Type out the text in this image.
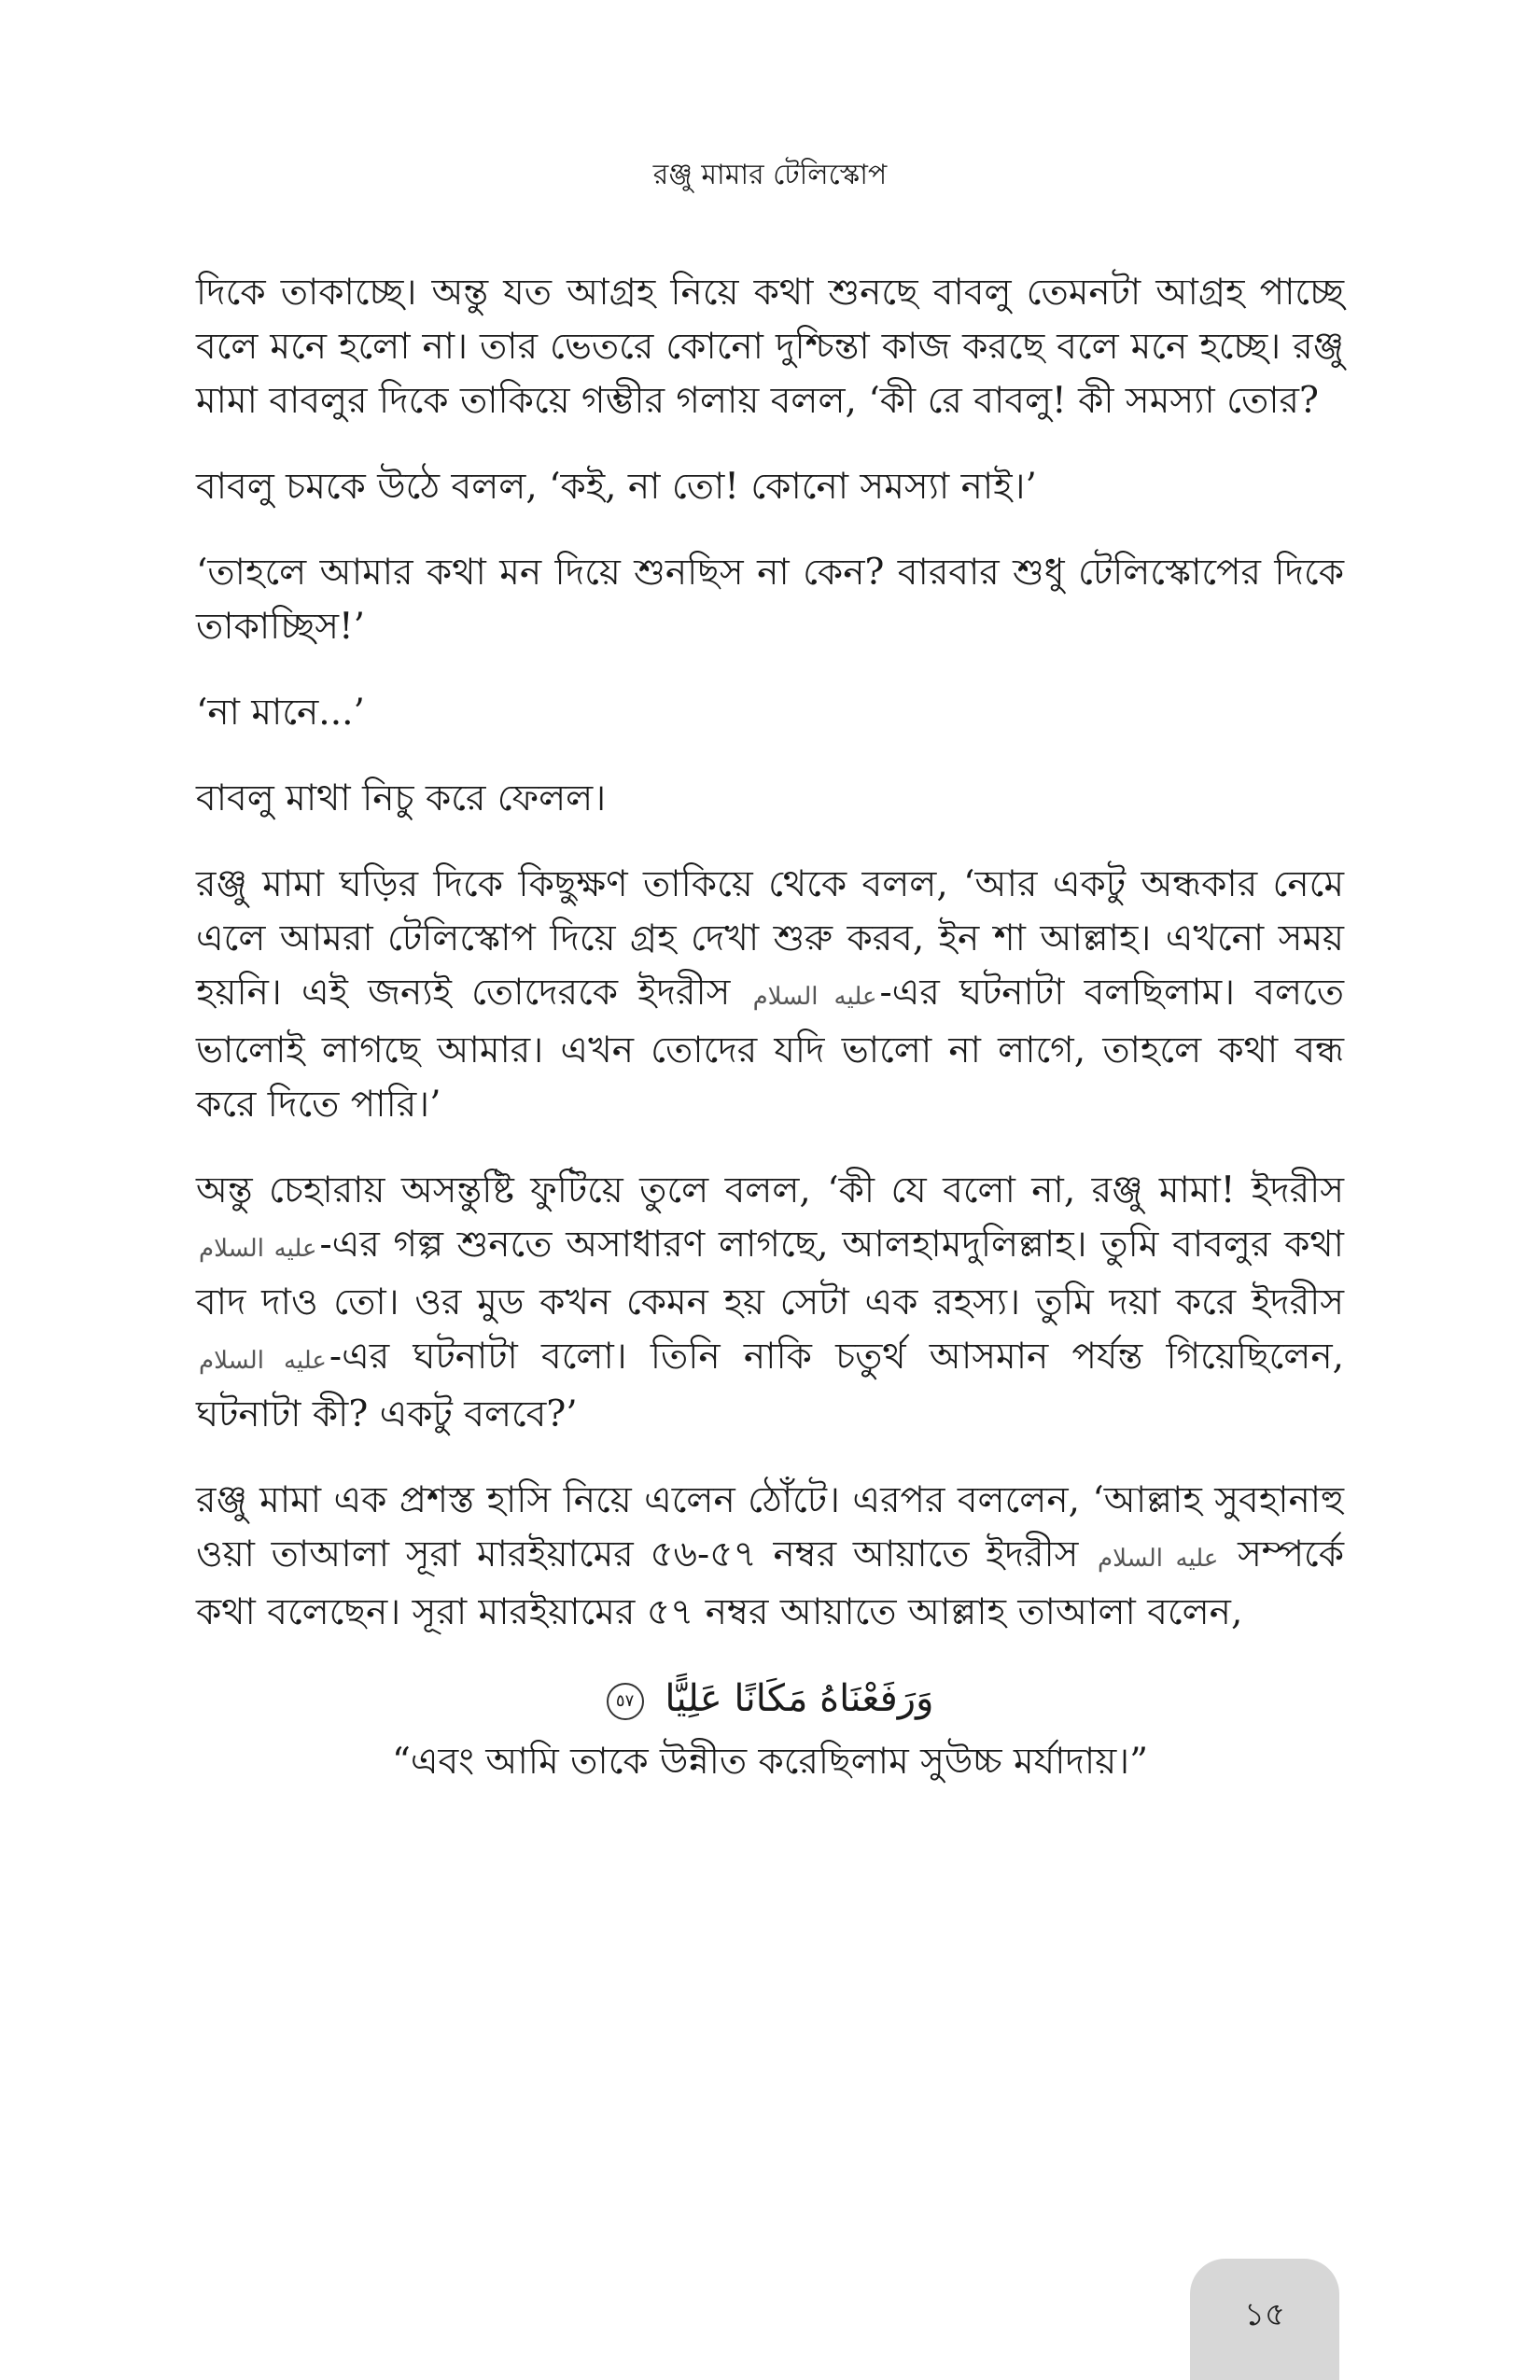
রঞ্জু মামার টেলিস্কোপ

দিকে তাকাচ্ছে। অন্তু যত আগ্রহ নিয়ে কথা শুনছে বাবলু তেমনটা আগ্রহ পাচ্ছে বলে মনে হলো না। তার ভেতরে কোনো দুশ্চিন্তা কাজ করছে বলে মনে হচ্ছে। রঞ্জু মামা বাবলুর দিকে তাকিয়ে গম্ভীর গলায় বলল, ‘কী রে বাবলু! কী সমস্যা তোর?

বাবলু চমকে উঠে বলল, ‘কই, না তো! কোনো সমস্যা নাই।’

‘তাহলে আমার কথা মন দিয়ে শুনছিস না কেন? বারবার শুধু টেলিস্কোপের দিকে তাকাচ্ছিস!’

‘না মানে...’

বাবলু মাথা নিচু করে ফেলল।

রঞ্জু মামা ঘড়ির দিকে কিছুক্ষণ তাকিয়ে থেকে বলল, ‘আর একটু অন্ধকার নেমে এলে আমরা টেলিস্কোপ দিয়ে গ্রহ দেখা শুরু করব, ইন শা আল্লাহ। এখনো সময় হয়নি। এই জন্যই তোদেরকে ইদরীস عليه السلام-এর ঘটনাটা বলছিলাম। বলতে ভালোই লাগছে আমার। এখন তোদের যদি ভালো না লাগে, তাহলে কথা বন্ধ করে দিতে পারি।’

অন্তু চেহারায় অসন্তুষ্টি ফুটিয়ে তুলে বলল, ‘কী যে বলো না, রঞ্জু মামা! ইদরীস عليه السلام-এর গল্প শুনতে অসাধারণ লাগছে, আলহামদুলিল্লাহ। তুমি বাবলুর কথা বাদ দাও তো। ওর মুড কখন কেমন হয় সেটা এক রহস্য। তুমি দয়া করে ইদরীস عليه السلام-এর ঘটনাটা বলো। তিনি নাকি চতুর্থ আসমান পর্যন্ত গিয়েছিলেন, ঘটনাটা কী? একটু বলবে?’

রঞ্জু মামা এক প্রশস্ত হাসি নিয়ে এলেন ঠোঁটে। এরপর বললেন, ‘আল্লাহ সুবহানাহু ওয়া তাআলা সূরা মারইয়ামের ৫৬-৫৭ নম্বর আয়াতে ইদরীস عليه السلام সম্পর্কে কথা বলেছেন। সূরা মারইয়ামের ৫৭ নম্বর আয়াতে আল্লাহ তাআলা বলেন,

٥٧ وَرَفَعْنَاهُ مَكَانًا عَلِيًّا

“এবং আমি তাকে উন্নীত করেছিলাম সুউচ্চ মর্যাদায়।”

১৫
